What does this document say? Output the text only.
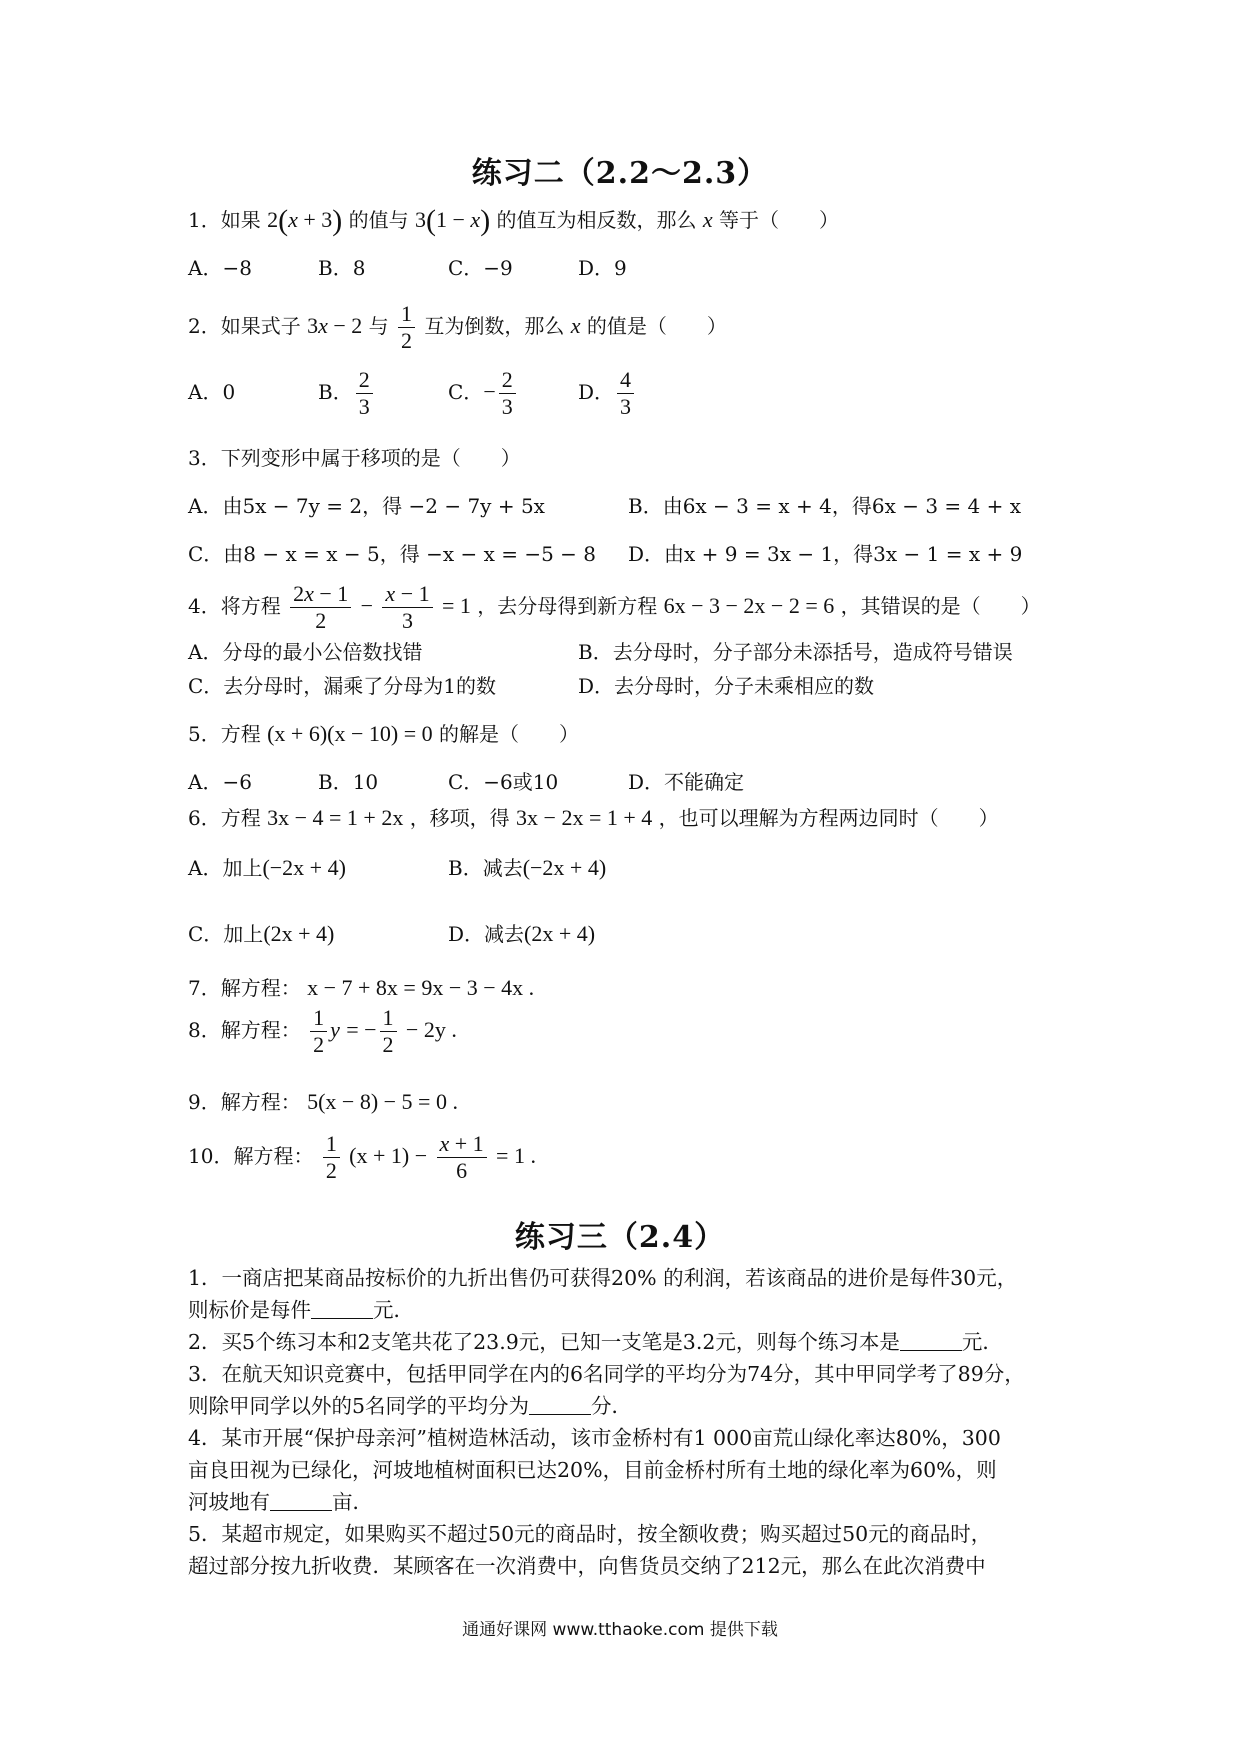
练习二（2.2～2.3）
1．如果 2(x + 3) 的值与 3(1 − x) 的值互为相反数，那么 x 等于（　　）
A．−8	B．8	C．−9	D．9
2．如果式子 3x − 2 与 $\frac{1}{2}$ 互为倒数，那么 x 的值是（　　）
A．0	B． $\frac{2}{3}$	C．− $\frac{2}{3}$	D． $\frac{4}{3}$
3．下列变形中属于移项的是（　　）
A．由5x − 7y = 2，得 −2 − 7y + 5x	B．由6x − 3 = x + 4，得6x − 3 = 4 + x
C．由8 − x = x − 5，得 −x − x = −5 − 8 D．由x + 9 = 3x − 1，得3x − 1 = x + 9
4．将方程 $\frac{2x - 1}{2} - \frac{x - 1}{3} = 1$ ，去分母得到新方程 6x − 3 − 2x − 2 = 6 ，其错误的是（　　）
A．分母的最小公倍数找错	B．去分母时，分子部分未添括号，造成符号错误
C．去分母时，漏乘了分母为1的数	D．去分母时，分子未乘相应的数
5．方程 (x + 6)(x − 10) = 0 的解是（　　）
A．−6	B．10	C．−6或10	D．不能确定
6．方程 3x − 4 = 1 + 2x ，移项，得 3x − 2x = 1 + 4 ，也可以理解为方程两边同时（　　）
A．加上(−2x + 4)	B．减去(−2x + 4)
C．加上(2x + 4)	D．减去(2x + 4)
7．解方程： x − 7 + 8x = 9x − 3 − 4x .
8．解方程： $\frac{1}{2}$ y = − $\frac{1}{2} - 2y$ .
9．解方程： 5(x − 8) − 5 = 0 .
10．解方程： $\frac{1}{2} (x + 1) - \frac{x + 1}{6} = 1$ .
练习三（2.4）
1．一商店把某商品按标价的九折出售仍可获得20% 的利润，若该商品的进价是每件30元，
则标价是每件	元．
2．买5个练习本和2支笔共花了23.9元，已知一支笔是3.2元，则每个练习本是	元．
3．在航天知识竞赛中，包括甲同学在内的6名同学的平均分为74分，其中甲同学考了89分，
则除甲同学以外的5名同学的平均分为	分．
4．某市开展“保护母亲河”植树造林活动，该市金桥村有1 000亩荒山绿化率达80%，300
亩良田视为已绿化，河坡地植树面积已达20%，目前金桥村所有土地的绿化率为60%，则
河坡地有	亩．
5．某超市规定，如果购买不超过50元的商品时，按全额收费；购买超过50元的商品时，
超过部分按九折收费．某顾客在一次消费中，向售货员交纳了212元，那么在此次消费中
通通好课网 www.tthaoke.com 提供下载
